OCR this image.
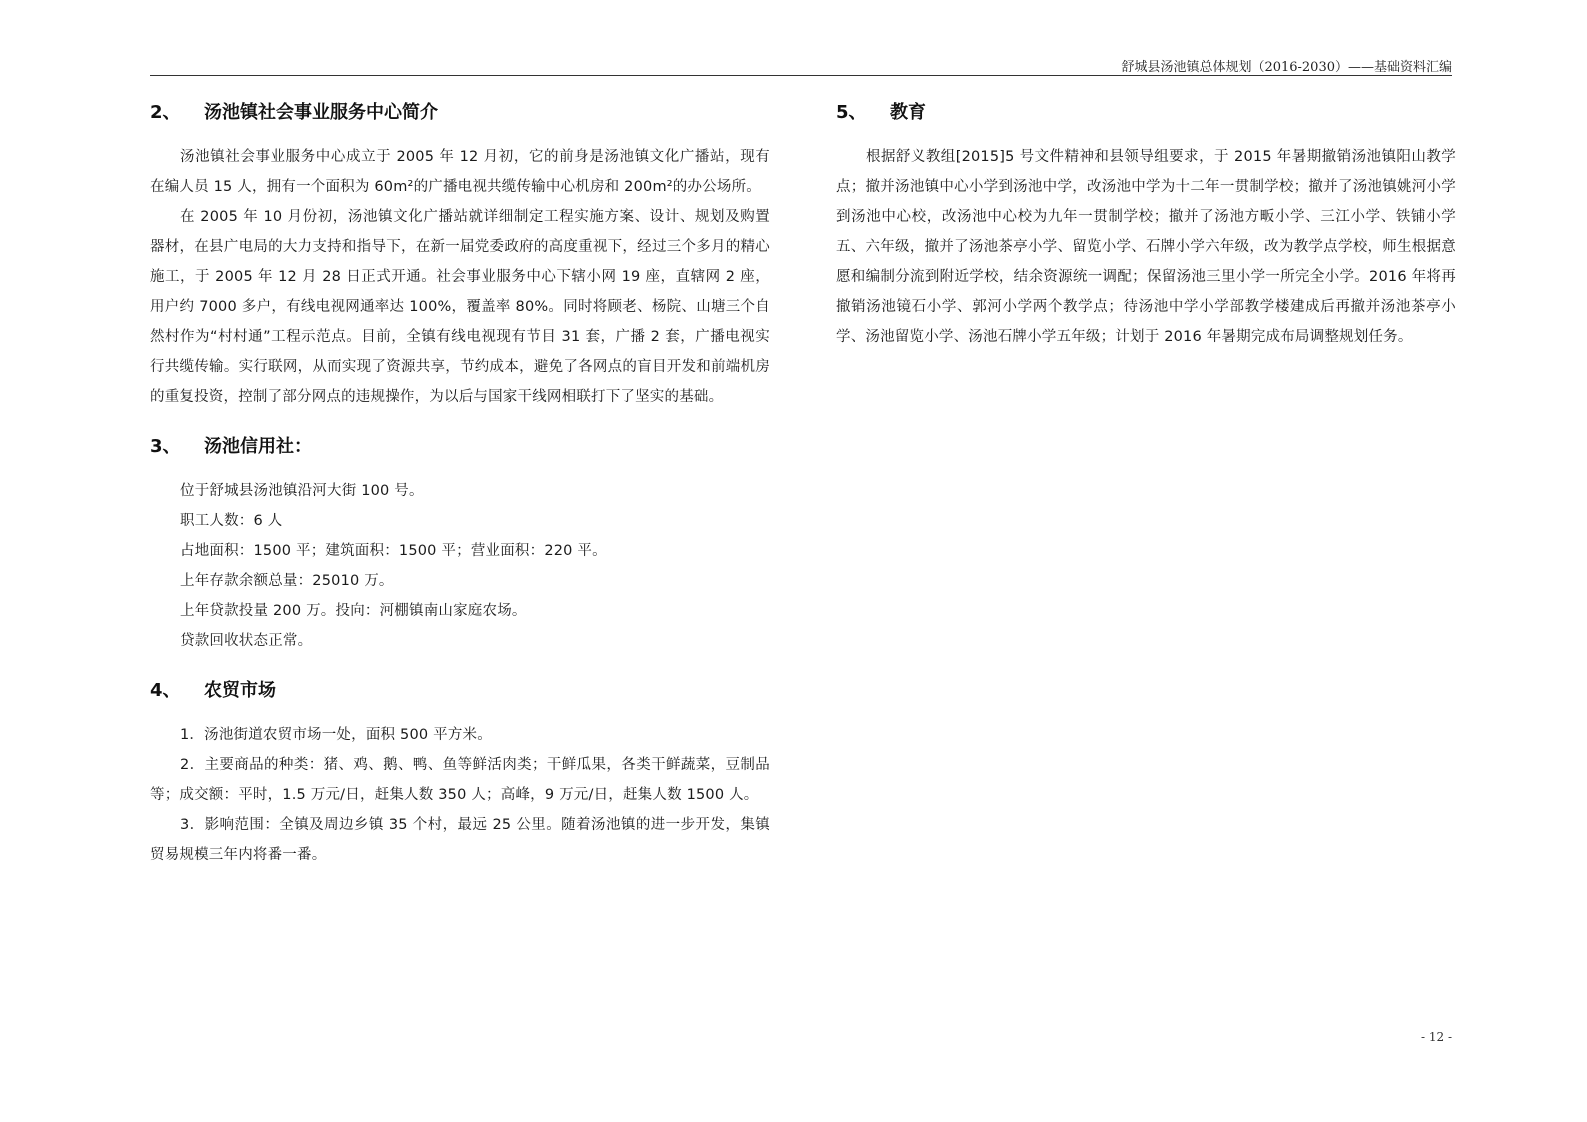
舒城县汤池镇总体规划（2016-2030）——基础资料汇编
2、	汤池镇社会事业服务中心简介

汤池镇社会事业服务中心成立于 2005 年 12 月初，它的前身是汤池镇文化广播站，现有在编人员 15 人，拥有一个面积为 60m²的广播电视共缆传输中心机房和 200m²的办公场所。

在 2005 年 10 月份初，汤池镇文化广播站就详细制定工程实施方案、设计、规划及购置器材，在县广电局的大力支持和指导下，在新一届党委政府的高度重视下，经过三个多月的精心施工，于 2005 年 12 月 28 日正式开通。社会事业服务中心下辖小网 19 座，直辖网 2 座，用户约 7000 多户，有线电视网通率达 100%，覆盖率 80%。同时将顾老、杨院、山塘三个自然村作为“村村通”工程示范点。目前，全镇有线电视现有节目 31 套，广播 2 套，广播电视实行共缆传输。实行联网，从而实现了资源共享，节约成本，避免了各网点的盲目开发和前端机房的重复投资，控制了部分网点的违规操作，为以后与国家干线网相联打下了坚实的基础。

3、	汤池信用社：

位于舒城县汤池镇沿河大街 100 号。

职工人数：6 人

占地面积：1500 平；建筑面积：1500 平；营业面积：220 平。

上年存款余额总量：25010 万。

上年贷款投量 200 万。投向：河棚镇南山家庭农场。

贷款回收状态正常。

4、	农贸市场

1．汤池街道农贸市场一处，面积 500 平方米。

2．主要商品的种类：猪、鸡、鹅、鸭、鱼等鲜活肉类；干鲜瓜果，各类干鲜蔬菜，豆制品等；成交额：平时，1.5 万元/日，赶集人数 350 人；高峰，9 万元/日，赶集人数 1500 人。

3．影响范围：全镇及周边乡镇 35 个村，最远 25 公里。随着汤池镇的进一步开发，集镇贸易规模三年内将番一番。

5、	教育

根据舒义教组[2015]5 号文件精神和县领导组要求，于 2015 年暑期撤销汤池镇阳山教学点；撤并汤池镇中心小学到汤池中学，改汤池中学为十二年一贯制学校；撤并了汤池镇姚河小学到汤池中心校，改汤池中心校为九年一贯制学校；撤并了汤池方畈小学、三江小学、铁铺小学五、六年级，撤并了汤池茶亭小学、留览小学、石牌小学六年级，改为教学点学校，师生根据意愿和编制分流到附近学校，结余资源统一调配；保留汤池三里小学一所完全小学。2016 年将再撤销汤池镜石小学、郭河小学两个教学点；待汤池中学小学部教学楼建成后再撤并汤池茶亭小学、汤池留览小学、汤池石牌小学五年级；计划于 2016 年暑期完成布局调整规划任务。

- 12 -
